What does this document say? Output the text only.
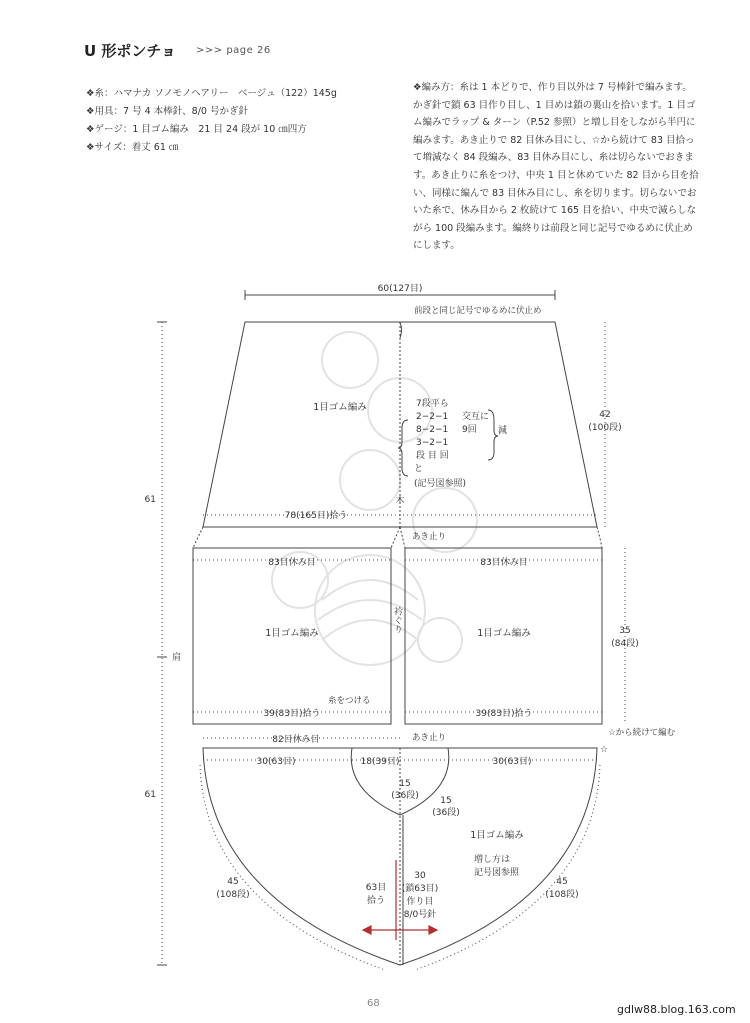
U 形ポンチョ >>> page 26
❖糸：ハマナカ ソノモノヘアリー　ベージュ（122）145g
❖用具：7 号 4 本棒針、8/0 号かぎ針
❖ゲージ：1 目ゴム編み　21 目 24 段が 10 ㎝四方
❖サイズ：着丈 61 ㎝

❖編み方：糸は 1 本どりで、作り目以外は 7 号棒針で編みます。

かぎ針で鎖 63 目作り目し、1 目めは鎖の裏山を拾います。1 目ゴ

ム編みでラップ & ターン（P.52 参照）と増し目をしながら半円に

編みます。あき止りで 82 目休み目にし、☆から続けて 83 目拾っ

て増減なく 84 段編み、83 目休み目にし、糸は切らないでおきま

す。あき止りに糸をつけ、中央 1 目と休めていた 82 目から目を拾

い、同様に編んで 83 目休み目にし、糸を切ります。切らないでお

いた糸で、休み目から 2 枚続けて 165 目を拾い、中央で減らしな

がら 100 段編みます。編終りは前段と同じ記号でゆるめに伏止め

にします。

60(127目)
前段と同じ記号でゆるめに伏止め
1目ゴム編み	7段平ら
2−2−1
8−2−1
3−2−1
段 目 回
交互に
9回 減
と
(記号図参照)
42
(100段)
61
61
木
78(165目)拾う
あき止り
83目休み目	83目休み目
1目ゴム編み	1目ゴム編み
衿ぐり	35
(84段)
肩
糸をつける
39(83目)拾う	39(83目)拾う
☆から続けて編む
☆
82目休み目	あき止り
30(63目)	18(39目)	30(63目)
15
(36段) 15
(36段)
1目ゴム編み
増し方は
記号図参照
45
(108段)
45
(108段)
63目
拾う
30
(鎖63目)
作り目
8/0号針
68	gdlw88.blog.163.com
